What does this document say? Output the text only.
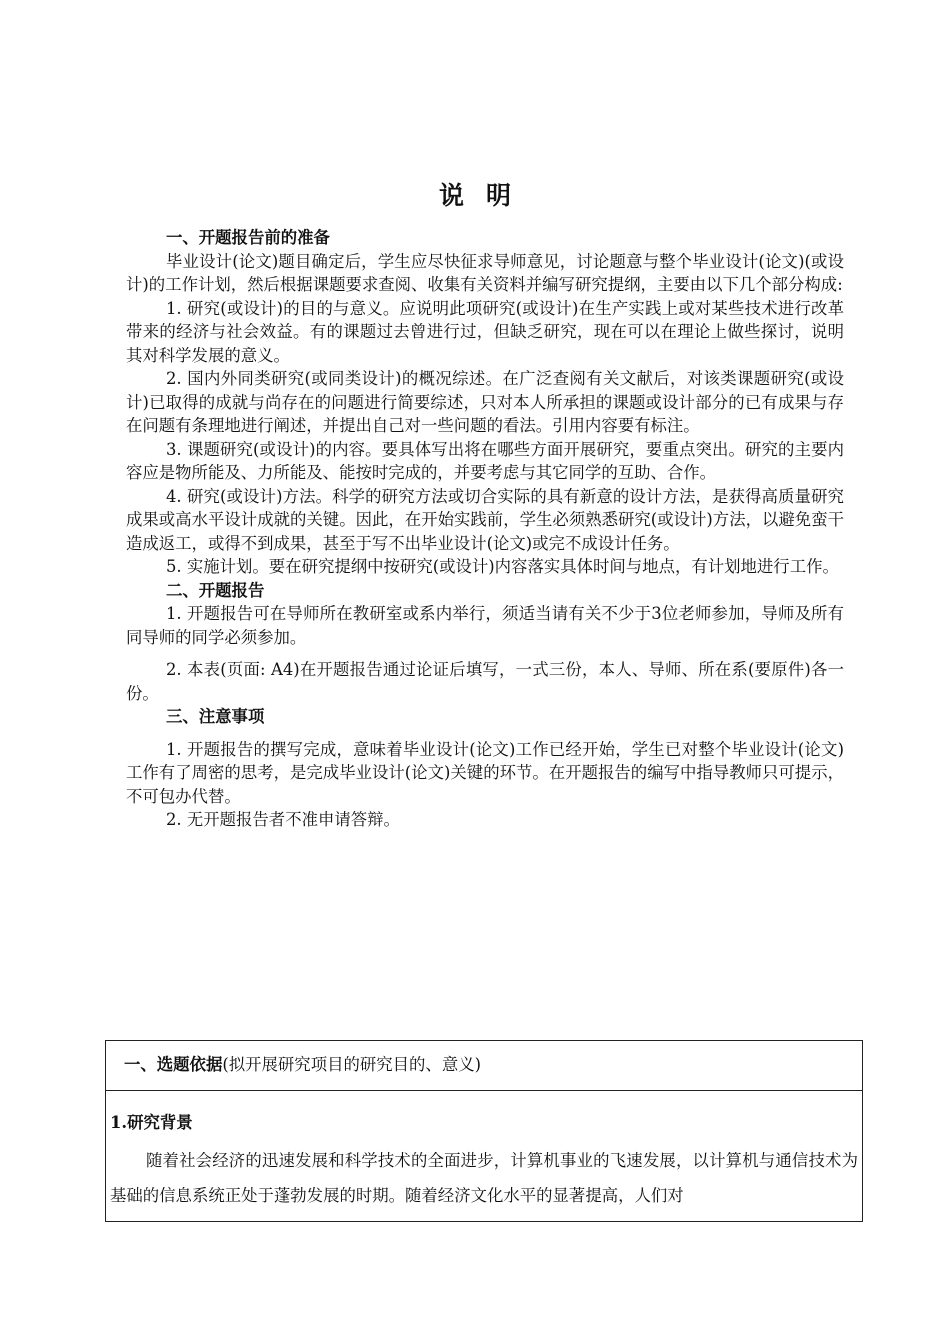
说明

一、开题报告前的准备

毕业设计(论文)题目确定后，学生应尽快征求导师意见，讨论题意与整个毕业设计(论文)(或设计)的工作计划，然后根据课题要求查阅、收集有关资料并编写研究提纲，主要由以下几个部分构成:

1. 研究(或设计)的目的与意义。应说明此项研究(或设计)在生产实践上或对某些技术进行改革带来的经济与社会效益。有的课题过去曾进行过，但缺乏研究，现在可以在理论上做些探讨，说明其对科学发展的意义。

2. 国内外同类研究(或同类设计)的概况综述。在广泛查阅有关文献后，对该类课题研究(或设计)已取得的成就与尚存在的问题进行简要综述，只对本人所承担的课题或设计部分的已有成果与存在问题有条理地进行阐述，并提出自己对一些问题的看法。引用内容要有标注。

3. 课题研究(或设计)的内容。要具体写出将在哪些方面开展研究，要重点突出。研究的主要内容应是物所能及、力所能及、能按时完成的，并要考虑与其它同学的互助、合作。

4. 研究(或设计)方法。科学的研究方法或切合实际的具有新意的设计方法，是获得高质量研究成果或高水平设计成就的关键。因此，在开始实践前，学生必须熟悉研究(或设计)方法，以避免蛮干造成返工，或得不到成果，甚至于写不出毕业设计(论文)或完不成设计任务。

5. 实施计划。要在研究提纲中按研究(或设计)内容落实具体时间与地点，有计划地进行工作。

二、开题报告

1. 开题报告可在导师所在教研室或系内举行，须适当请有关不少于3位老师参加，导师及所有同导师的同学必须参加。

2. 本表(页面: A4)在开题报告通过论证后填写，一式三份，本人、导师、所在系(要原件)各一份。

三、注意事项

1. 开题报告的撰写完成，意味着毕业设计(论文)工作已经开始，学生已对整个毕业设计(论文)工作有了周密的思考，是完成毕业设计(论文)关键的环节。在开题报告的编写中指导教师只可提示，不可包办代替。

2. 无开题报告者不准申请答辩。

一、选题依据(拟开展研究项目的研究目的、意义)
1.研究背景
随着社会经济的迅速发展和科学技术的全面进步，计算机事业的飞速发展，以计算机与通信技术为基础的信息系统正处于蓬勃发展的时期。随着经济文化水平的显著提高，人们对
